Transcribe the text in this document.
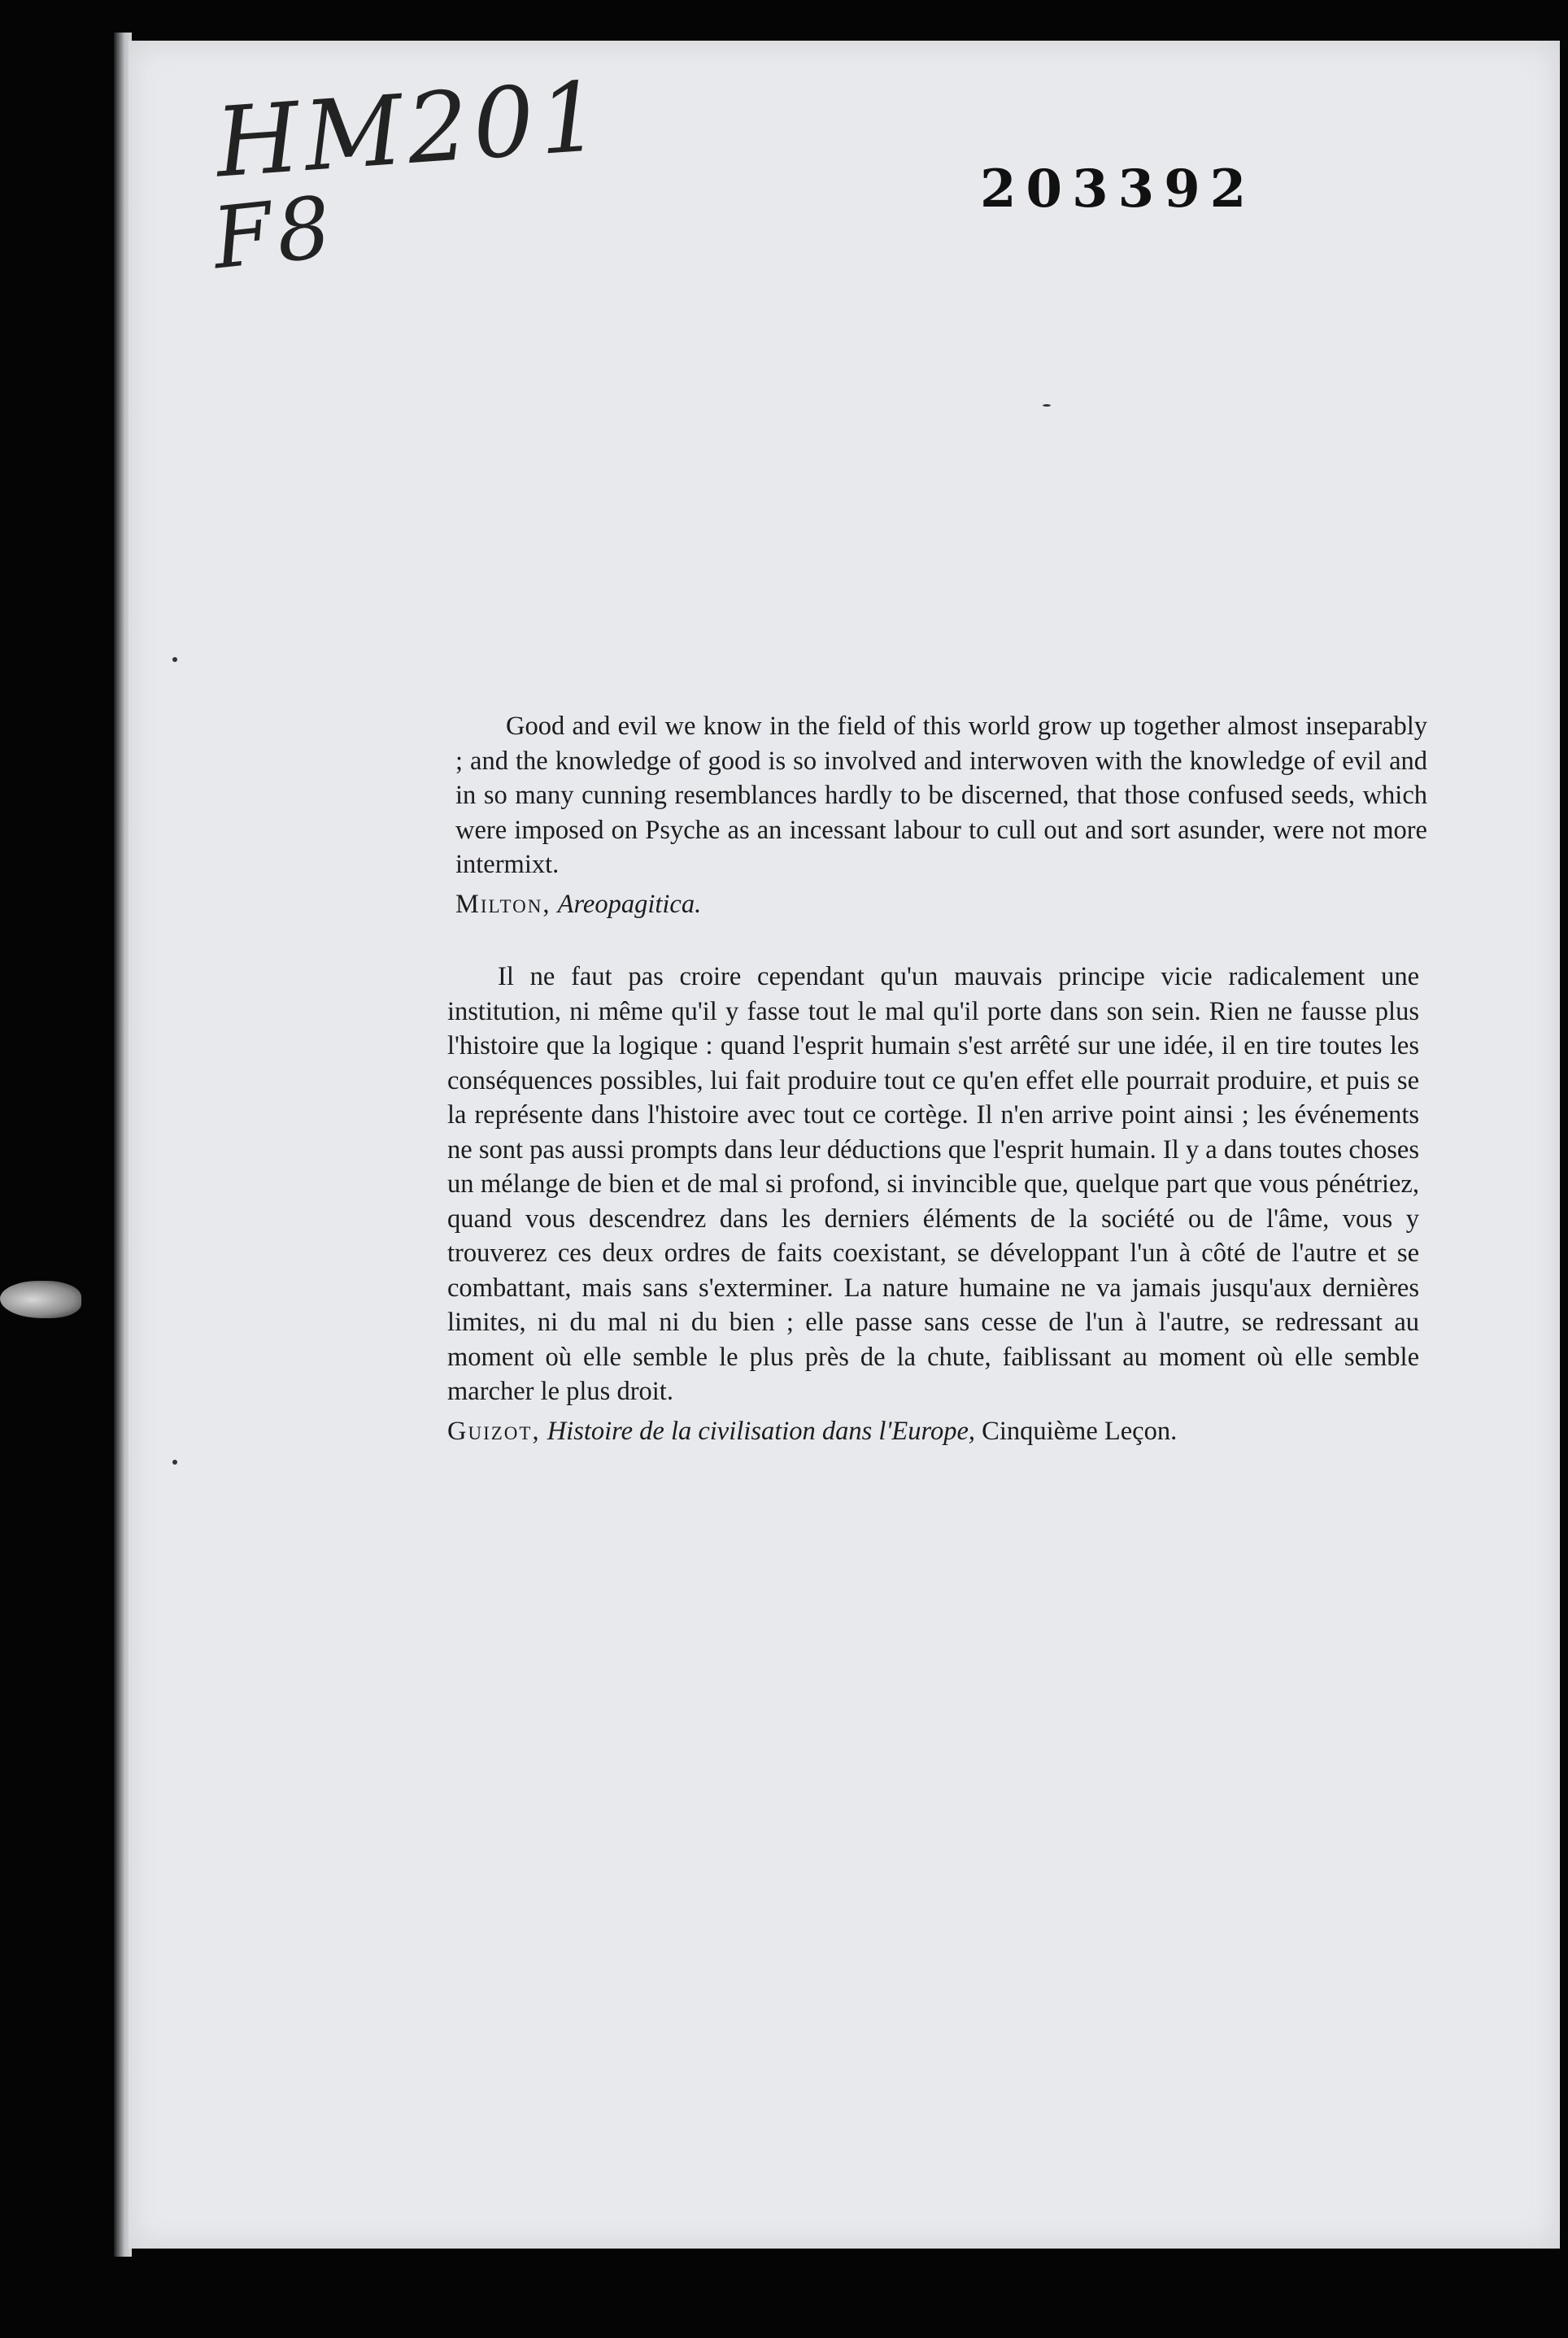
HM201
F8	203392
Good and evil we know in the field of this world grow up together almost inseparably ; and the knowledge of good is so involved and interwoven with the knowledge of evil and in so many cunning resemblances hardly to be discerned, that those confused seeds, which were imposed on Psyche as an incessant labour to cull out and sort asunder, were not more intermixt.
Milton, Areopagitica.
Il ne faut pas croire cependant qu'un mauvais principe vicie radicalement une institution, ni même qu'il y fasse tout le mal qu'il porte dans son sein. Rien ne fausse plus l'histoire que la logique : quand l'esprit humain s'est arrêté sur une idée, il en tire toutes les conséquences possibles, lui fait produire tout ce qu'en effet elle pourrait produire, et puis se la représente dans l'histoire avec tout ce cortège. Il n'en arrive point ainsi ; les événements ne sont pas aussi prompts dans leur déductions que l'esprit humain. Il y a dans toutes choses un mélange de bien et de mal si profond, si invincible que, quelque part que vous pénétriez, quand vous descendrez dans les derniers éléments de la société ou de l'âme, vous y trouverez ces deux ordres de faits coexistant, se développant l'un à côté de l'autre et se combattant, mais sans s'exterminer. La nature humaine ne va jamais jusqu'aux dernières limites, ni du mal ni du bien ; elle passe sans cesse de l'un à l'autre, se redressant au moment où elle semble le plus près de la chute, faiblissant au moment où elle semble marcher le plus droit.
Guizot, Histoire de la civilisation dans l'Europe, Cinquième Leçon.
